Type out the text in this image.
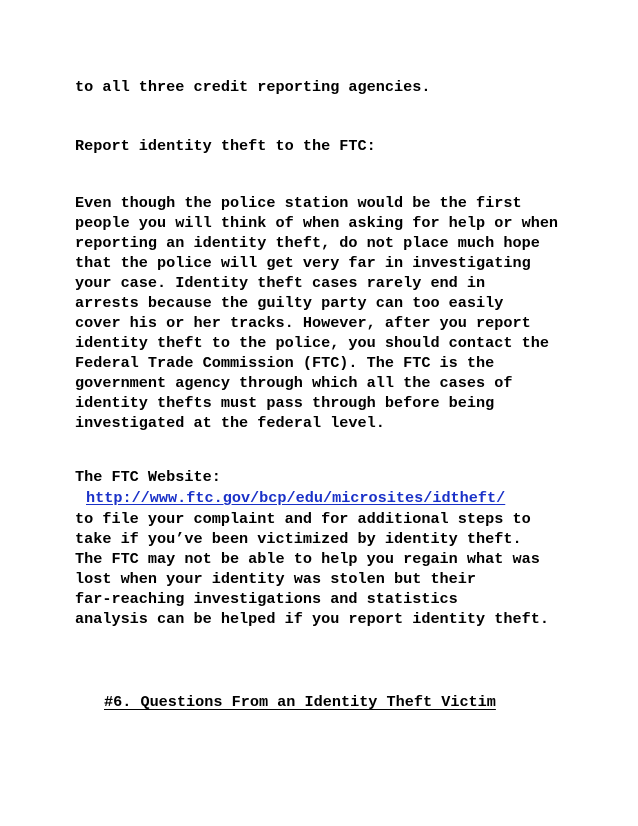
to all three credit reporting agencies.
Report identity theft to the FTC:
Even though the police station would be the first
people you will think of when asking for help or when
reporting an identity theft, do not place much hope
that the police will get very far in investigating
your case. Identity theft cases rarely end in
arrests because the guilty party can too easily
cover his or her tracks. However, after you report
identity theft to the police, you should contact the
Federal Trade Commission (FTC). The FTC is the
government agency through which all the cases of
identity thefts must pass through before being
investigated at the federal level.
The FTC Website:
http://www.ftc.gov/bcp/edu/microsites/idtheft/
to file your complaint and for additional steps to
take if you’ve been victimized by identity theft.
The FTC may not be able to help you regain what was
lost when your identity was stolen but their
far-reaching investigations and statistics
analysis can be helped if you report identity theft.
#6. Questions From an Identity Theft Victim
